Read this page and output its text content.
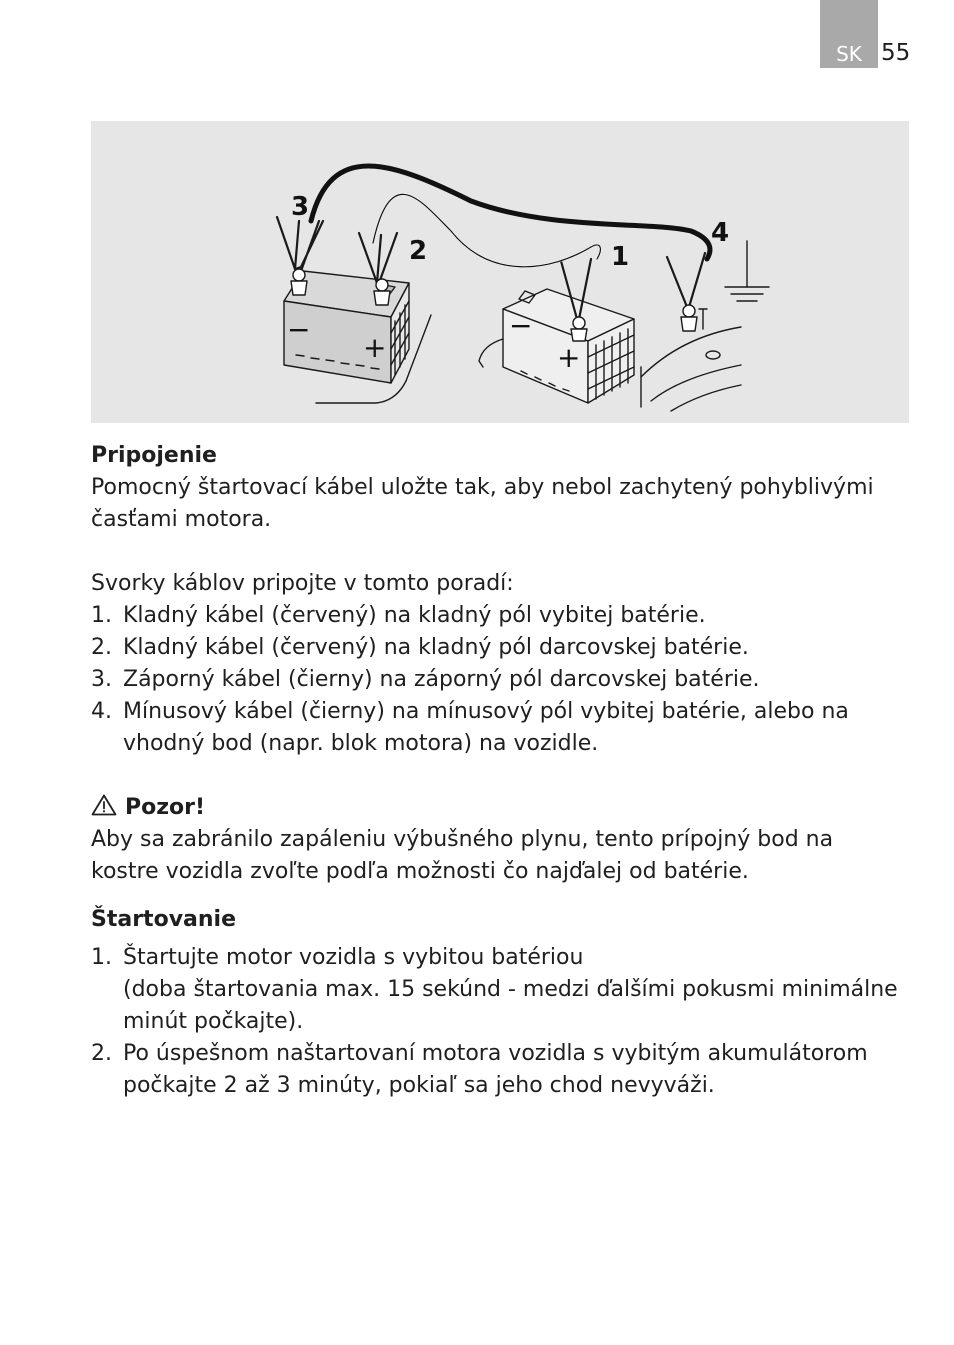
SK 55
3
2	1
4
−
+
−
+
Pripojenie

Pomocný štartovací kábel uložte tak, aby nebol zachytený pohyblivými

časťami motora.

Svorky káblov pripojte v tomto poradí:

1. Kladný kábel (červený) na kladný pól vybitej batérie.
2. Kladný kábel (červený) na kladný pól darcovskej batérie.
3. Záporný kábel (čierny) na záporný pól darcovskej batérie.
4. Mínusový kábel (čierny) na mínusový pól vybitej batérie, alebo na
vhodný bod (napr. blok motora) na vozidle.
Pozor!

Aby sa zabránilo zapáleniu výbušného plynu, tento prípojný bod na

kostre vozidla zvoľte podľa možnosti čo najďalej od batérie.

Štartovanie
1. Štartujte motor vozidla s vybitou batériou
(doba štartovania max. 15 sekúnd - medzi ďalšími pokusmi minimálne
minút počkajte).
2. Po úspešnom naštartovaní motora vozidla s vybitým akumulátorom
počkajte 2 až 3 minúty, pokiaľ sa jeho chod nevyváži.
